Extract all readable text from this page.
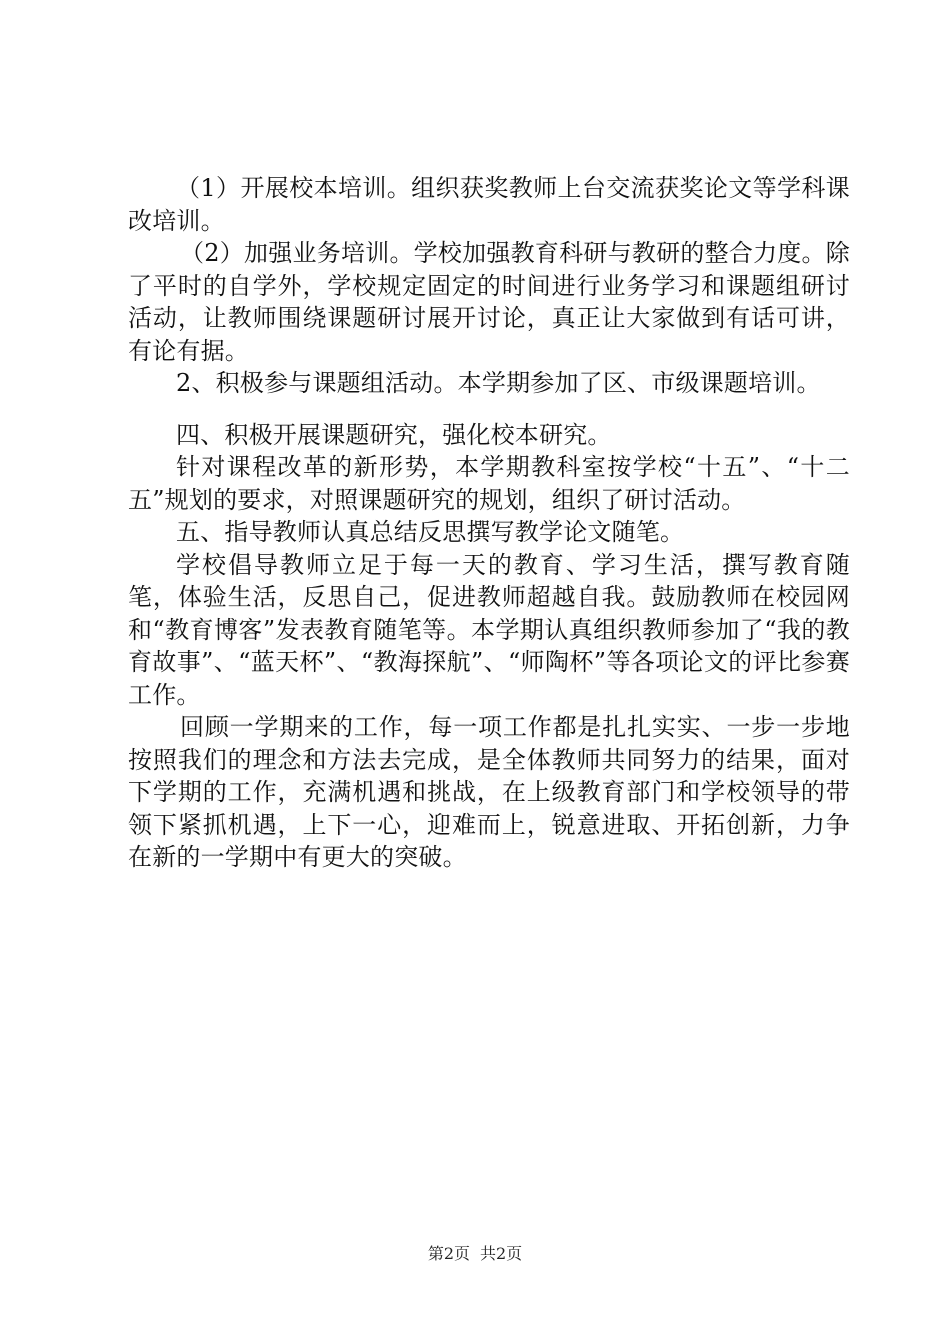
（1）开展校本培训。组织获奖教师上台交流获奖论文等学科课改培训。

（2）加强业务培训。学校加强教育科研与教研的整合力度。除了平时的自学外，学校规定固定的时间进行业务学习和课题组研讨活动，让教师围绕课题研讨展开讨论，真正让大家做到有话可讲，有论有据。

2、积极参与课题组活动。本学期参加了区、市级课题培训。

四、积极开展课题研究，强化校本研究。

针对课程改革的新形势，本学期教科室按学校“十五”、“十二五”规划的要求，对照课题研究的规划，组织了研讨活动。

五、指导教师认真总结反思撰写教学论文随笔。

学校倡导教师立足于每一天的教育、学习生活，撰写教育随笔，体验生活，反思自己，促进教师超越自我。鼓励教师在校园网和“教育博客”发表教育随笔等。本学期认真组织教师参加了“我的教育故事”、“蓝天杯”、“教海探航”、“师陶杯”等各项论文的评比参赛工作。

回顾一学期来的工作，每一项工作都是扎扎实实、一步一步地按照我们的理念和方法去完成，是全体教师共同努力的结果，面对下学期的工作，充满机遇和挑战，在上级教育部门和学校领导的带领下紧抓机遇，上下一心，迎难而上，锐意进取、开拓创新，力争在新的一学期中有更大的突破。

第2页 共2页
